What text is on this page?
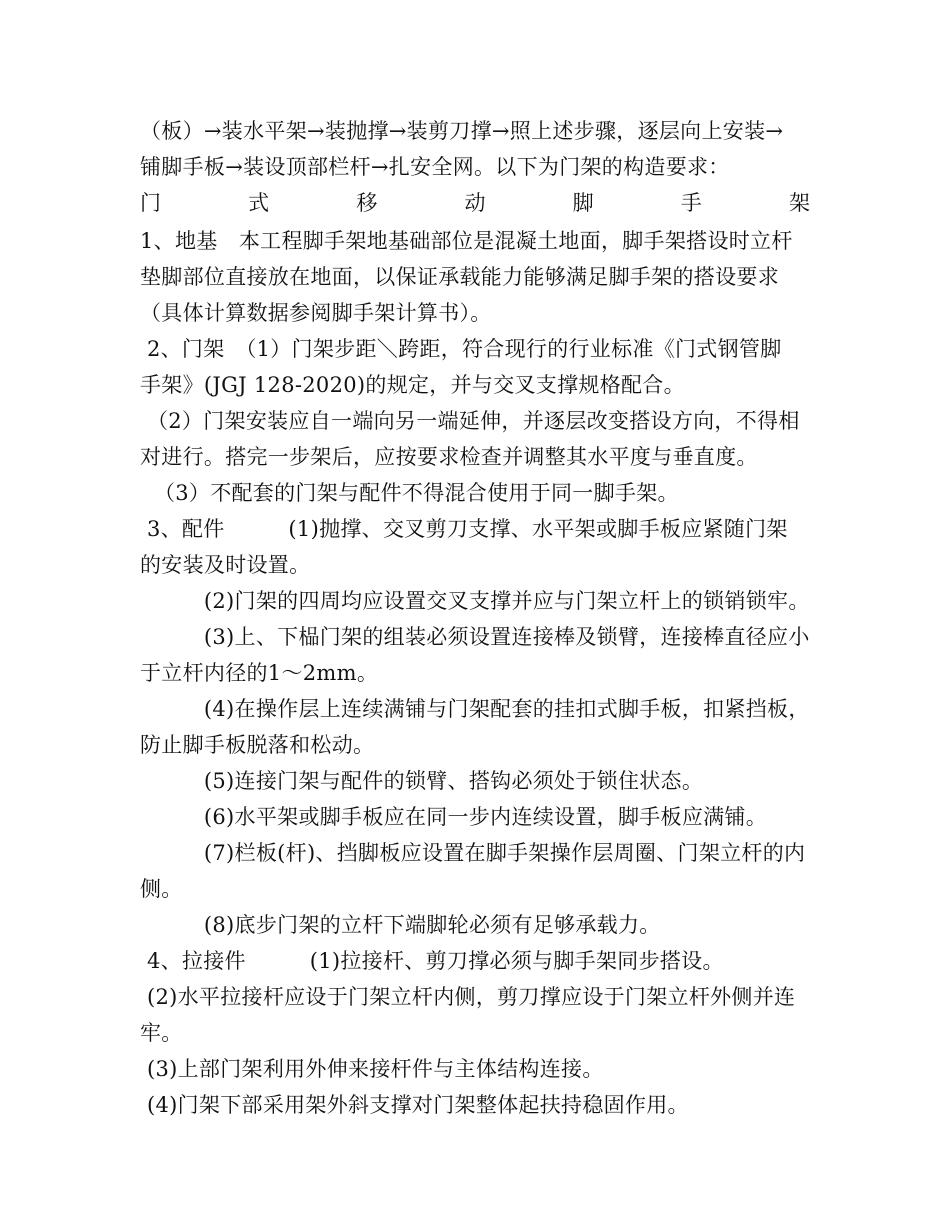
（板）→装水平架→装抛撑→装剪刀撑→照上述步骤，逐层向上安装→
铺脚手板→装设顶部栏杆→扎安全网。以下为门架的构造要求：
门	式	移	动	脚	手	架
1、地基　本工程脚手架地基础部位是混凝土地面，脚手架搭设时立杆
垫脚部位直接放在地面，以保证承载能力能够满足脚手架的搭设要求
（具体计算数据参阅脚手架计算书）。
2、门架　（1）门架步距＼跨距，符合现行的行业标准《门式钢管脚
手架》(JGJ 128-2020)的规定，并与交叉支撑规格配合。
（2）门架安装应自一端向另一端延伸，并逐层改变搭设方向，不得相
对进行。搭完一步架后，应按要求检查并调整其水平度与垂直度。
（3）不配套的门架与配件不得混合使用于同一脚手架。
3、配件　　　(1)抛撑、交叉剪刀支撑、水平架或脚手板应紧随门架
的安装及时设置。
　　　(2)门架的四周均应设置交叉支撑并应与门架立杆上的锁销锁牢。
　　　(3)上、下榀门架的组装必须设置连接棒及锁臂，连接棒直径应小
于立杆内径的1～2mm。
　　　(4)在操作层上连续满铺与门架配套的挂扣式脚手板，扣紧挡板，
防止脚手板脱落和松动。
　　　(5)连接门架与配件的锁臂、搭钩必须处于锁住状态。
　　　(6)水平架或脚手板应在同一步内连续设置，脚手板应满铺。
　　　(7)栏板(杆)、挡脚板应设置在脚手架操作层周圈、门架立杆的内
侧。
　　　(8)底步门架的立杆下端脚轮必须有足够承载力。
4、拉接件　　　(1)拉接杆、剪刀撑必须与脚手架同步搭设。
(2)水平拉接杆应设于门架立杆内侧，剪刀撑应设于门架立杆外侧并连
牢。
(3)上部门架利用外伸来接杆件与主体结构连接。
(4)门架下部采用架外斜支撑对门架整体起扶持稳固作用。
